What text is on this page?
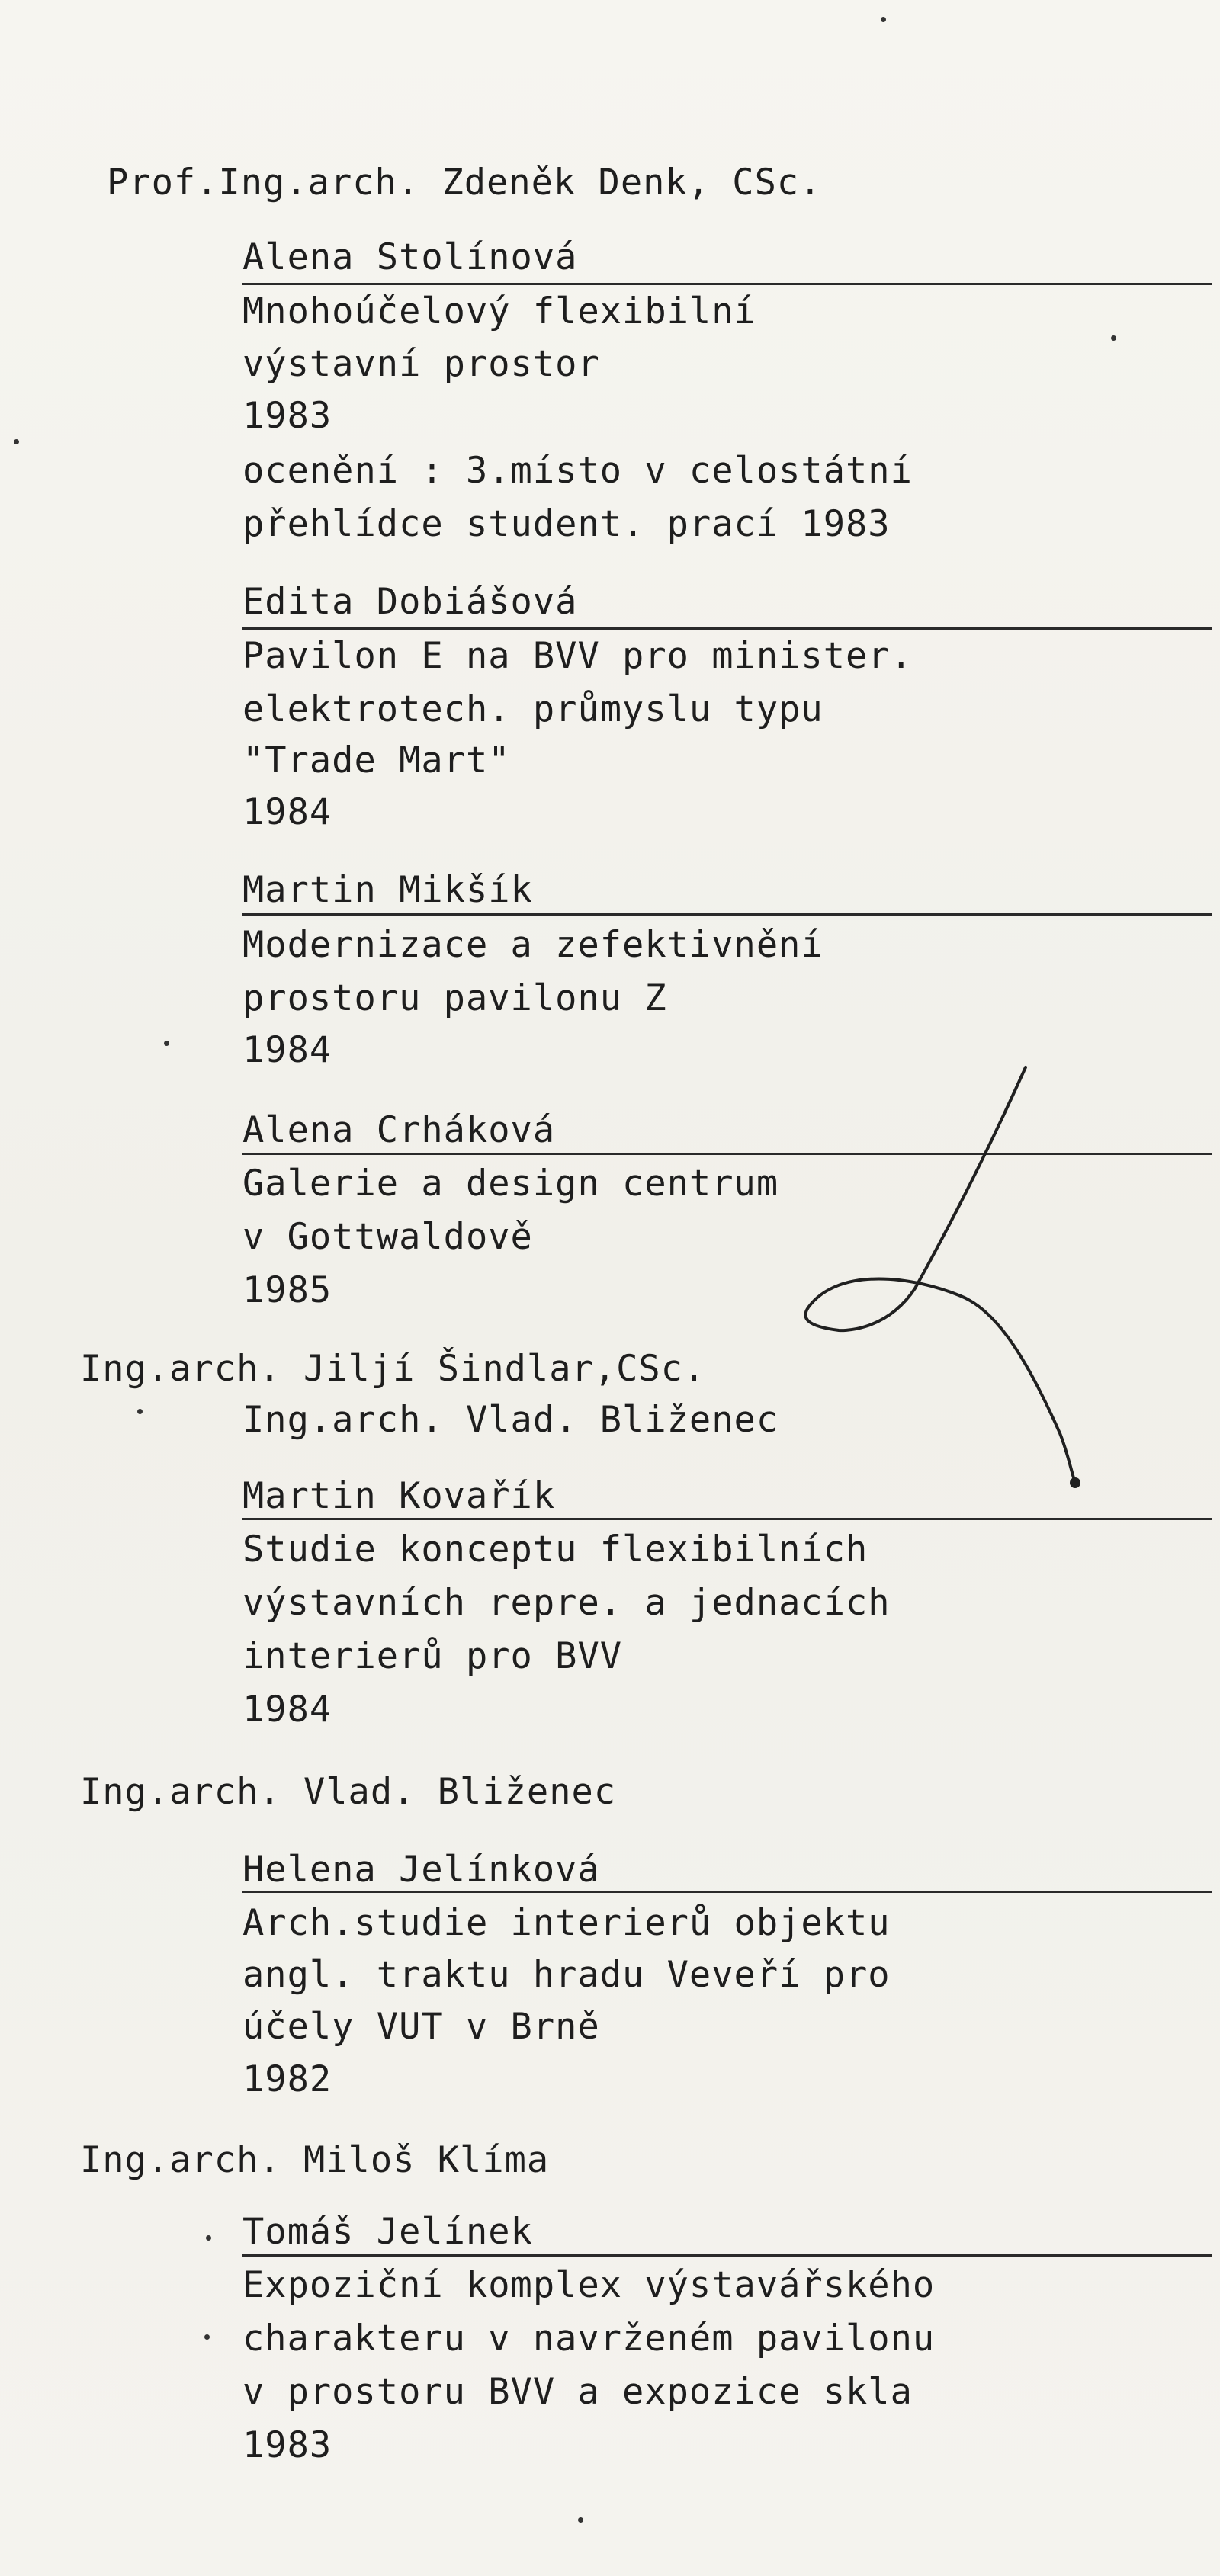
Prof.Ing.arch. Zdeněk Denk, CSc.
Alena Stolínová
Mnohoúčelový flexibilní
výstavní prostor
1983
ocenění : 3.místo v celostátní
přehlídce student. prací 1983
Edita Dobiášová
Pavilon E na BVV pro minister.
elektrotech. průmyslu typu
"Trade Mart"
1984
Martin Mikšík
Modernizace a zefektivnění
prostoru pavilonu Z
1984
Alena Crháková
Galerie a design centrum
v Gottwaldově
1985
Ing.arch. Jiljí Šindlar,CSc.
Ing.arch. Vlad. Bliženec
Martin Kovařík
Studie konceptu flexibilních
výstavních repre. a jednacích
interierů pro BVV
1984
Ing.arch. Vlad. Bliženec
Helena Jelínková
Arch.studie interierů objektu
angl. traktu hradu Veveří pro
účely VUT v Brně
1982
Ing.arch. Miloš Klíma
Tomáš Jelínek
Expoziční komplex výstavářského
charakteru v navrženém pavilonu
v prostoru BVV a expozice skla
1983
